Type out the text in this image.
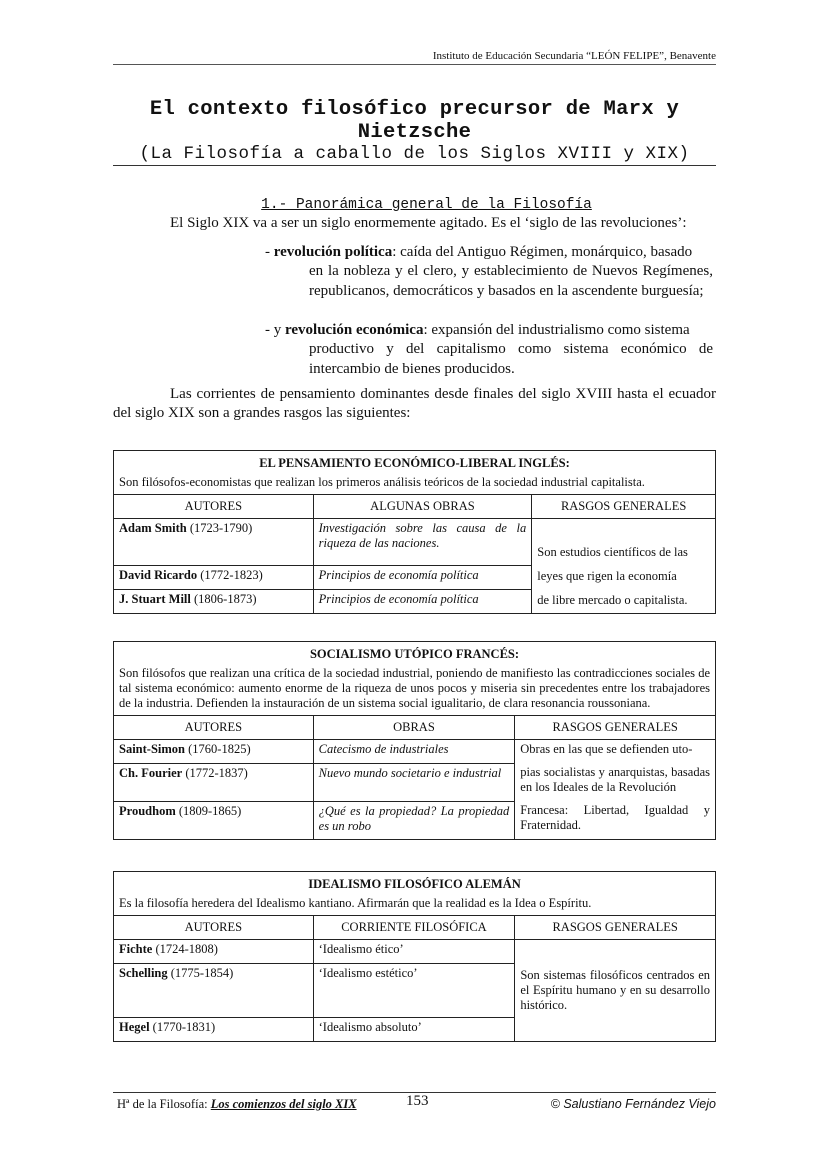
Instituto de Educación Secundaria “LEÓN FELIPE”, Benavente
El contexto filosófico precursor de Marx y
Nietzsche
(La Filosofía a caballo de los Siglos XVIII y XIX)
1.- Panorámica general de la Filosofía
El Siglo XIX va a ser un siglo enormemente agitado. Es el ‘siglo de las revoluciones’:
- revolución política: caída del Antiguo Régimen, monárquico, basado
en la nobleza y el clero, y establecimiento de Nuevos Regímenes, republicanos, democráticos y basados en la ascendente burguesía;
- y revolución económica: expansión del industrialismo como sistema
productivo y del capitalismo como sistema económico de intercambio de bienes producidos.
Las corrientes de pensamiento dominantes desde finales del siglo XVIII hasta el ecuador del siglo XIX son a grandes rasgos las siguientes:
EL PENSAMIENTO ECONÓMICO-LIBERAL INGLÉS:		
Son filósofos-economistas que realizan los primeros análisis teóricos de la sociedad industrial capitalista.		
AUTORES	ALGUNAS OBRAS	RASGOS GENERALES
Adam Smith (1723-1790)	Investigación sobre las causa de la riqueza de las naciones.	Son estudios científicos de las
leyes que rigen la economía
de libre mercado o capitalista.

David Ricardo (1772-1823)	Principios de economía política	
J. Stuart Mill (1806-1873)	Principios de economía política	
SOCIALISMO UTÓPICO FRANCÉS:		
Son filósofos que realizan una crítica de la sociedad industrial, poniendo de manifiesto las contradicciones sociales de tal sistema económico: aumento enorme de la riqueza de unos pocos y miseria sin precedentes entre los trabajadores de la industria. Defienden la instauración de un sistema social igualitario, de clara resonancia roussoniana.		
AUTORES	OBRAS	RASGOS GENERALES
Saint-Simon (1760-1825)	Catecismo de industriales	Obras en las que se defienden uto-
pias socialistas y anarquistas, basadas en los Ideales de la Revolución
Francesa: Libertad, Igualdad y Fraternidad.

Ch. Fourier (1772-1837)	Nuevo mundo societario e industrial	
Proudhom (1809-1865)	¿Qué es la propiedad? La propiedad es un robo	
IDEALISMO FILOSÓFICO ALEMÁN		
Es la filosofía heredera del Idealismo kantiano. Afirmarán que la realidad es la Idea o Espíritu.		
AUTORES	CORRIENTE FILOSÓFICA	RASGOS GENERALES
Fichte (1724-1808)	‘Idealismo ético’	Son sistemas filosóficos centrados en el Espíritu humano y en su desarrollo histórico.
Schelling (1775-1854)	‘Idealismo estético’	
Hegel (1770-1831)	‘Idealismo absoluto’	
Hª de la Filosofía: Los comienzos del siglo XIX	153	© Salustiano Fernández Viejo
